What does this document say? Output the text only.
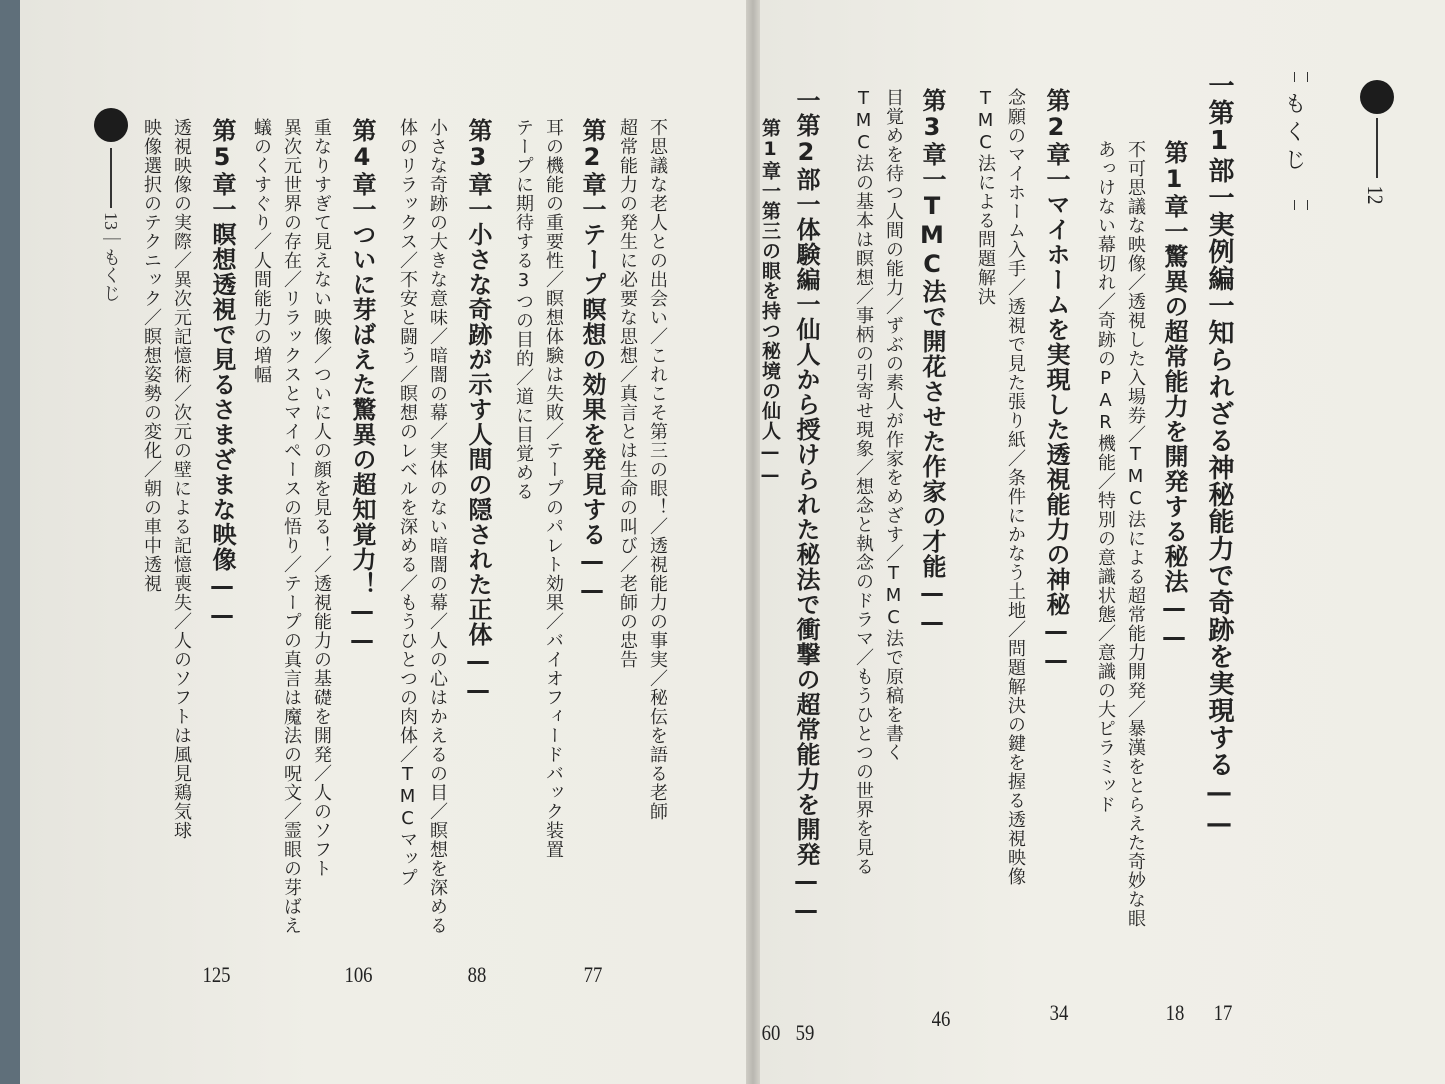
12
もくじ
一第1部一実例編一知られざる神秘能力で奇跡を実現する——
17
第1章一驚異の超常能力を開発する秘法——
18
不可思議な映像／透視した入場券／TMC法による超常能力開発／暴漢をとらえた奇妙な眼
あっけない幕切れ／奇跡のPAR機能／特別の意識状態／意識の大ピラミッド
第2章一マイホームを実現した透視能力の神秘——
34
念願のマイホーム入手／透視で見た張り紙／条件にかなう土地／問題解決の鍵を握る透視映像
TMC法による問題解決
第3章一TMC法で開花させた作家の才能——
46
目覚めを待つ人間の能力／ずぶの素人が作家をめざす／TMC法で原稿を書く
TMC法の基本は瞑想／事柄の引寄せ現象／想念と執念のドラマ／もうひとつの世界を見る
一第2部一体験編一仙人から授けられた秘法で衝撃の超常能力を開発——
59
第1章一第三の眼を持つ秘境の仙人——
60
13｜もくじ	不思議な老人との出会い／これこそ第三の眼！／透視能力の事実／秘伝を語る老師
超常能力の発生に必要な思想／真言とは生命の叫び／老師の忠告
第2章一テープ瞑想の効果を発見する——
77
耳の機能の重要性／瞑想体験は失敗／テープのパレト効果／バイオフィードバック装置
テープに期待する3つの目的／道に目覚める
第3章一小さな奇跡が示す人間の隠された正体——
88
小さな奇跡の大きな意味／暗闇の幕／実体のない暗闇の幕／人の心はかえるの目／瞑想を深める
体のリラックス／不安と闘う／瞑想のレベルを深める／もうひとつの肉体／TMCマップ
第4章一ついに芽ばえた驚異の超知覚力！——
106
重なりすぎて見えない映像／ついに人の顔を見る！／透視能力の基礎を開発／人のソフト
異次元世界の存在／リラックスとマイペースの悟り／テープの真言は魔法の呪文／霊眼の芽ばえ
蟻のくすぐり／人間能力の増幅
第5章一瞑想透視で見るさまざまな映像——
125
透視映像の実際／異次元記憶術／次元の壁による記憶喪失／人のソフトは風見鶏気球
映像選択のテクニック／瞑想姿勢の変化／朝の車中透視
